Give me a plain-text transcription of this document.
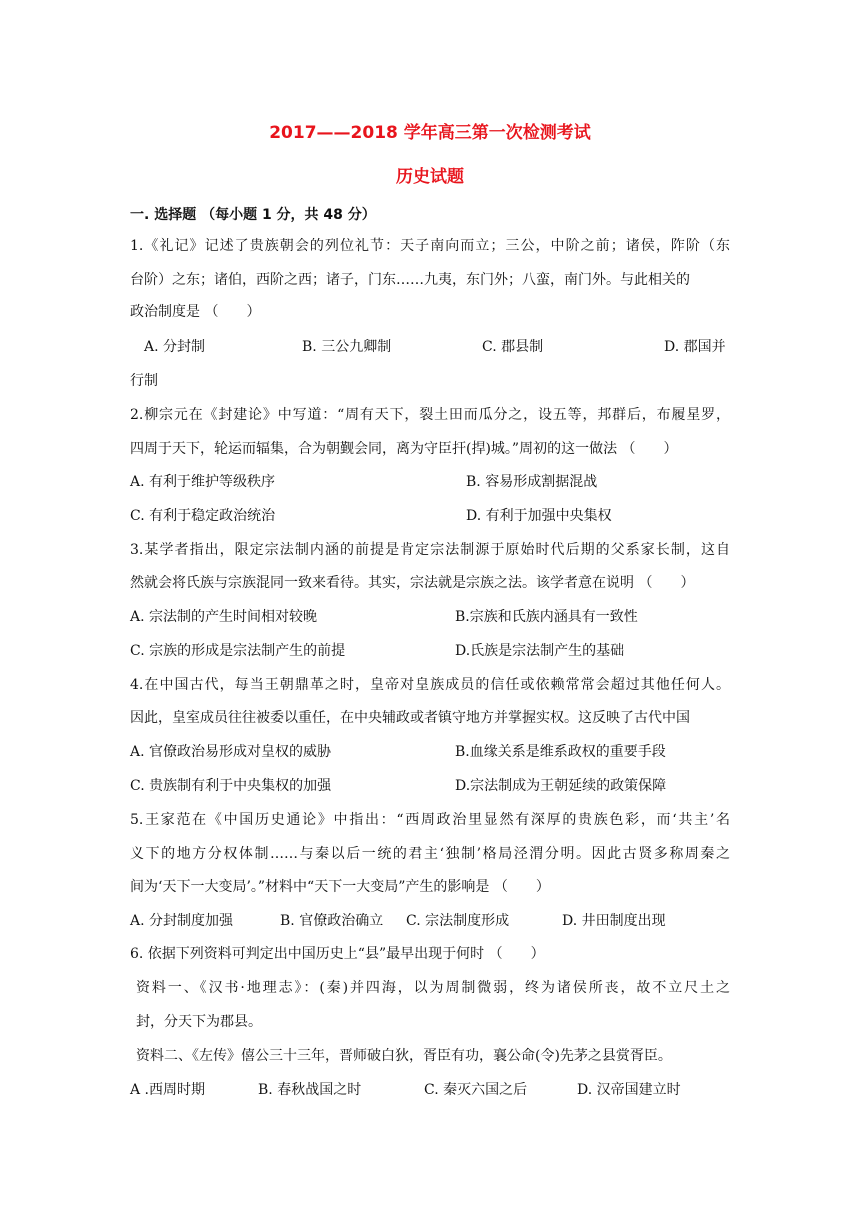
2017——2018 学年高三第一次检测考试
历史试题
一. 选择题 （每小题 1 分，共 48 分）
1.《礼记》记述了贵族朝会的列位礼节：天子南向而立；三公，中阶之前；诸侯，阼阶（东
台阶）之东；诸伯，西阶之西；诸子，门东……九夷，东门外；八蛮，南门外。与此相关的
政治制度是 （　　）
A. 分封制	B. 三公九卿制	C. 郡县制	D. 郡国并
行制
2.柳宗元在《封建论》中写道：“周有天下，裂土田而瓜分之，设五等，邦群后，布履星罗，
四周于天下，轮运而辐集，合为朝觐会同，离为守臣扞(捍)城。”周初的这一做法 （　　）
A. 有利于维护等级秩序	B. 容易形成割据混战
C. 有利于稳定政治统治	D. 有利于加强中央集权
3.某学者指出，限定宗法制内涵的前提是肯定宗法制源于原始时代后期的父系家长制，这自
然就会将氏族与宗族混同一致来看待。其实，宗法就是宗族之法。该学者意在说明 （　　）
A. 宗法制的产生时间相对较晚	B.宗族和氏族内涵具有一致性
C. 宗族的形成是宗法制产生的前提	D.氏族是宗法制产生的基础
4.在中国古代，每当王朝鼎革之时，皇帝对皇族成员的信任或依赖常常会超过其他任何人。
因此，皇室成员往往被委以重任，在中央辅政或者镇守地方并掌握实权。这反映了古代中国
A. 官僚政治易形成对皇权的威胁	B.血缘关系是维系政权的重要手段
C. 贵族制有利于中央集权的加强	D.宗法制成为王朝延续的政策保障
5.王家范在《中国历史通论》中指出：“西周政治里显然有深厚的贵族色彩，而‘共主’名
义下的地方分权体制……与秦以后一统的君主‘独制’格局泾渭分明。因此古贤多称周秦之
间为‘天下一大变局’。”材料中“天下一大变局”产生的影响是 （　　）
A. 分封制度加强	B. 官僚政治确立 C. 宗法制度形成	D. 井田制度出现
6. 依据下列资料可判定出中国历史上“县”最早出现于何时 （　　）
资料一、《汉书·地理志》：(秦)并四海，以为周制微弱，终为诸侯所丧，故不立尺土之
封，分天下为郡县。
资料二、《左传》僖公三十三年，晋师破白狄，胥臣有功，襄公命(令)先茅之县赏胥臣。
A .西周时期	B. 春秋战国之时	C. 秦灭六国之后	D. 汉帝国建立时
